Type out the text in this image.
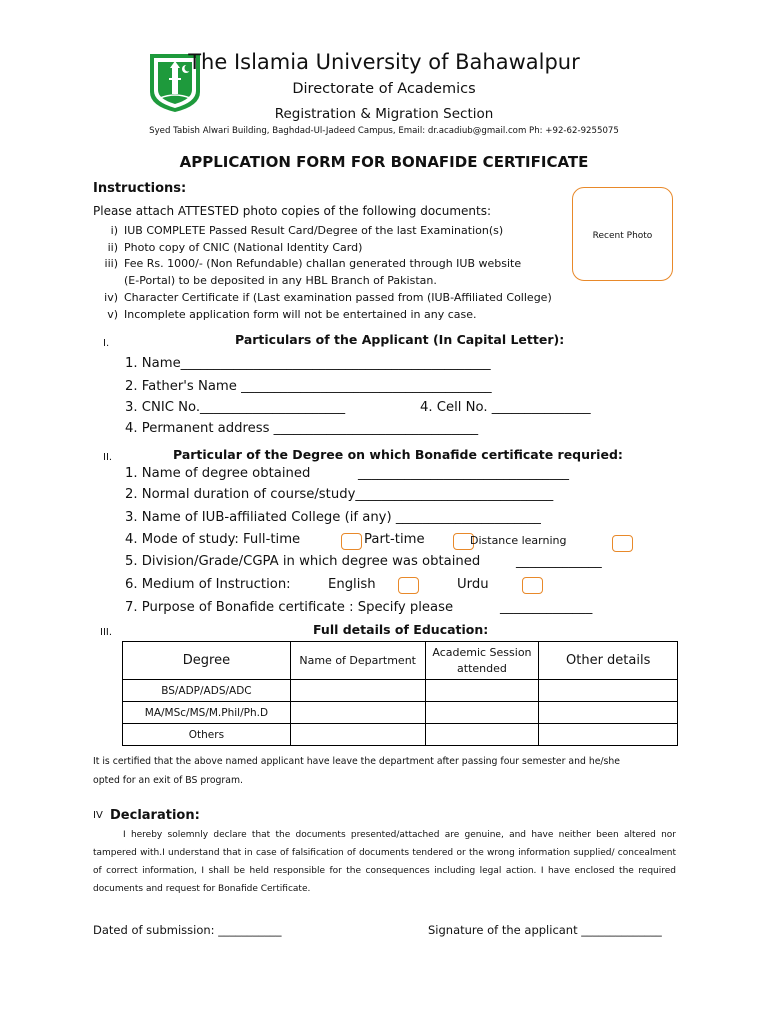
The Islamia University of Bahawalpur
Directorate of Academics
Registration & Migration Section
Syed Tabish Alwari Building, Baghdad-Ul-Jadeed Campus, Email: dr.acadiub@gmail.com Ph: +92-62-9255075
APPLICATION FORM FOR BONAFIDE CERTIFICATE
Instructions:
Please attach ATTESTED photo copies of the following documents:
i) IUB COMPLETE Passed Result Card/Degree of the last Examination(s)
ii) Photo copy of CNIC (National Identity Card)
iii) Fee Rs. 1000/- (Non Refundable) challan generated through IUB website
(E-Portal) to be deposited in any HBL Branch of Pakistan.
iv) Character Certificate if (Last examination passed from (IUB-Affiliated College)
v) Incomplete application form will not be entertained in any case.
Recent Photo
I.	Particulars of the Applicant (In Capital Letter):
1. Name_______________________________________________
2. Father's Name ______________________________________
3. CNIC No.______________________	4. Cell No. _______________
4. Permanent address _______________________________
II.	Particular of the Degree on which Bonafide certificate requried:
1. Name of degree obtained	________________________________
2. Normal duration of course/study______________________________
3. Name of IUB-affiliated College (if any) ______________________
4. Mode of study: Full-time	Part-time	Distance learning
5. Division/Grade/CGPA in which degree was obtained	_____________
6. Medium of Instruction:	English	Urdu
7. Purpose of Bonafide certificate : Specify please	______________
III.	Full details of Education:
Degree	Name of Department	Academic Session attended	Other details
BS/ADP/ADS/ADC			
MA/MSc/MS/M.Phil/Ph.D			
Others			
It is certified that the above named applicant have leave the department after passing four semester and he/she
opted for an exit of BS program.
IV Declaration:
I hereby solemnly declare that the documents presented/attached are genuine, and have neither been altered nor tampered with.I understand that in case of falsification of documents tendered or the wrong information supplied/ concealment of correct information, I shall be held responsible for the consequences including legal action. I have enclosed the required documents and request for Bonafide Certificate.
Dated of submission: ___________	Signature of the applicant ______________
